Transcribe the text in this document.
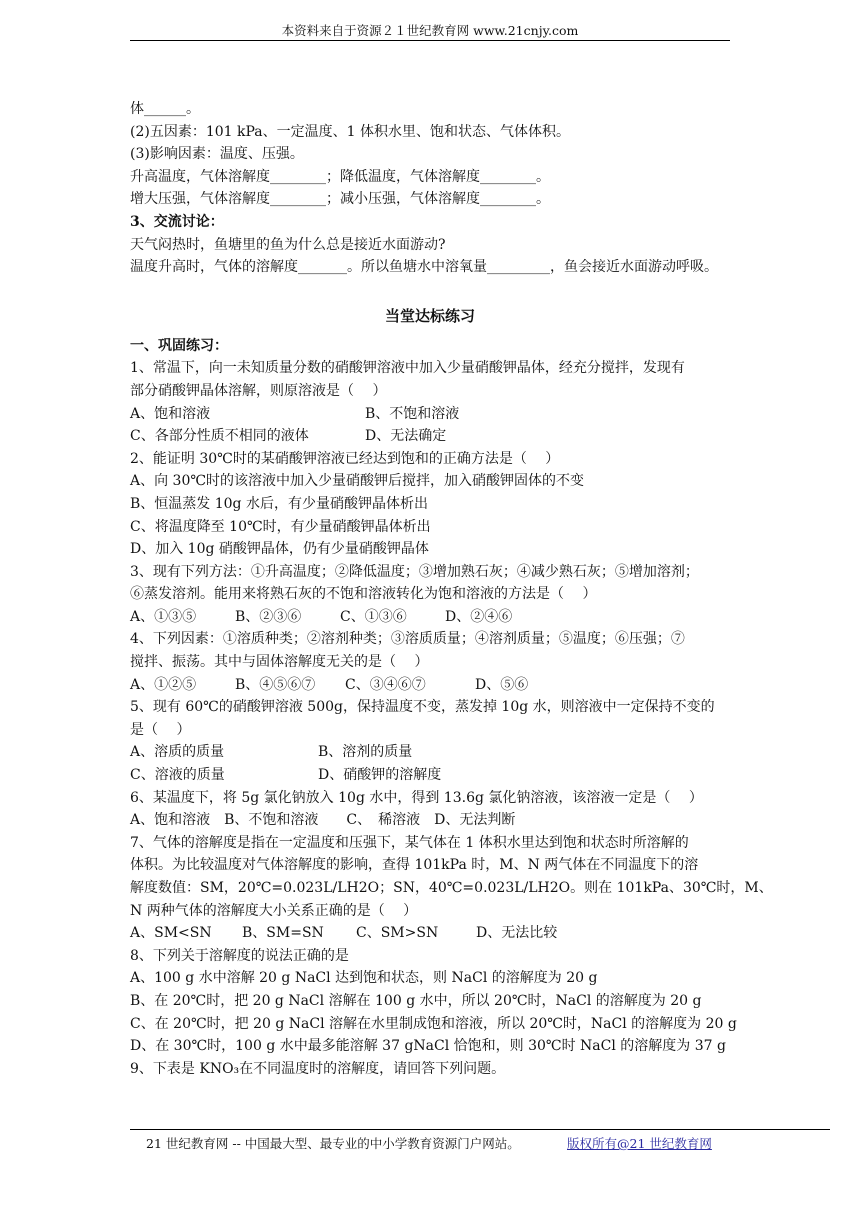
本资料来自于资源２１世纪教育网 www.21cnjy.com
体______。
(2)五因素：101 kPa、一定温度、1 体积水里、饱和状态、气体体积。
(3)影响因素：温度、压强。
升高温度，气体溶解度________；降低温度，气体溶解度________。
增大压强，气体溶解度________；减小压强，气体溶解度________。
3、交流讨论：
天气闷热时，鱼塘里的鱼为什么总是接近水面游动?
温度升高时，气体的溶解度_______。所以鱼塘水中溶氧量_________，鱼会接近水面游动呼吸。
当堂达标练习
一、巩固练习：
1、常温下，向一未知质量分数的硝酸钾溶液中加入少量硝酸钾晶体，经充分搅拌，发现有
部分硝酸钾晶体溶解，则原溶液是（　 ）
A、饱和溶液	B、不饱和溶液
C、各部分性质不相同的液体	D、无法确定
2、能证明 30℃时的某硝酸钾溶液已经达到饱和的正确方法是（　 ）
A、向 30℃时的该溶液中加入少量硝酸钾后搅拌，加入硝酸钾固体的不变
B、恒温蒸发 10g 水后，有少量硝酸钾晶体析出
C、将温度降至 10℃时，有少量硝酸钾晶体析出
D、加入 10g 硝酸钾晶体，仍有少量硝酸钾晶体
3、现有下列方法：①升高温度；②降低温度；③增加熟石灰；④减少熟石灰；⑤增加溶剂；
⑥蒸发溶剂。能用来将熟石灰的不饱和溶液转化为饱和溶液的方法是（　 ）
A、①③⑤	B、②③⑥	C、①③⑥	D、②④⑥
4、下列因素：①溶质种类；②溶剂种类；③溶质质量；④溶剂质量；⑤温度；⑥压强；⑦
搅拌、振荡。其中与固体溶解度无关的是（　 ）
A、①②⑤	B、④⑤⑥⑦	C、③④⑥⑦	D、⑤⑥
5、现有 60℃的硝酸钾溶液 500g，保持温度不变，蒸发掉 10g 水，则溶液中一定保持不变的
是（　 ）
A、溶质的质量	B、溶剂的质量
C、溶液的质量	D、硝酸钾的溶解度
6、某温度下，将 5g 氯化钠放入 10g 水中，得到 13.6g 氯化钠溶液，该溶液一定是（　 ）
A、饱和溶液　B、不饱和溶液　　C、　稀溶液　D、无法判断
7、气体的溶解度是指在一定温度和压强下，某气体在 1 体积水里达到饱和状态时所溶解的
体积。为比较温度对气体溶解度的影响，查得 101kPa 时，M、N 两气体在不同温度下的溶
解度数值：SM，20℃=0.023L/LH2O；SN，40℃=0.023L/LH2O。则在 101kPa、30℃时，M、
N 两种气体的溶解度大小关系正确的是（　 ）
A、SM<SN	B、SM=SN	C、SM>SN	D、无法比较
8、下列关于溶解度的说法正确的是
A、100 g 水中溶解 20 g NaCl 达到饱和状态，则 NaCl 的溶解度为 20 g
B、在 20℃时，把 20 g NaCl 溶解在 100 g 水中，所以 20℃时，NaCl 的溶解度为 20 g
C、在 20℃时，把 20 g NaCl 溶解在水里制成饱和溶液，所以 20℃时，NaCl 的溶解度为 20 g
D、在 30℃时，100 g 水中最多能溶解 37 gNaCl 恰饱和，则 30℃时 NaCl 的溶解度为 37 g
9、下表是 KNO₃在不同温度时的溶解度，请回答下列问题。
21 世纪教育网 -- 中国最大型、最专业的中小学教育资源门户网站。	版权所有@21 世纪教育网
